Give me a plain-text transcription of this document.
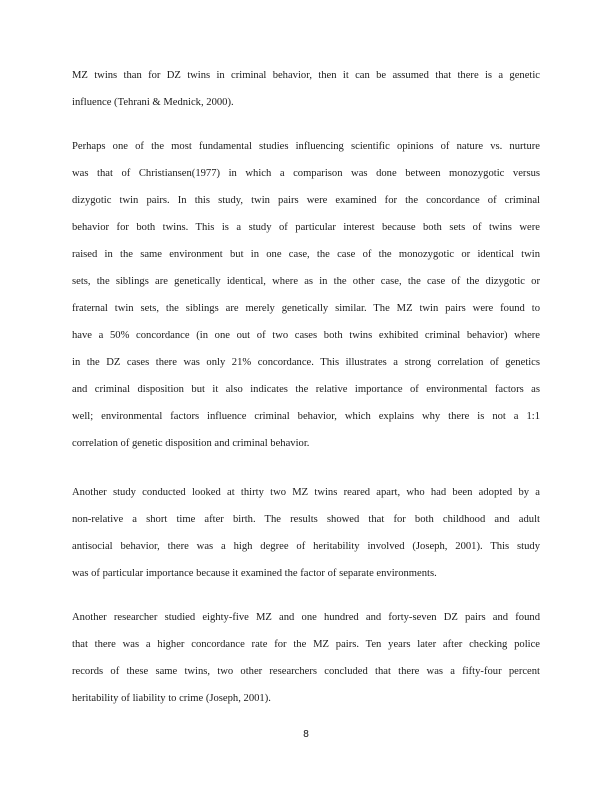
MZ twins than for DZ twins in criminal behavior, then it can be assumed that there is a genetic
influence (Tehrani & Mednick, 2000).
Perhaps one of the most fundamental studies influencing scientific opinions of nature vs. nurture
was that of Christiansen(1977) in which a comparison was done between monozygotic versus
dizygotic twin pairs. In this study, twin pairs were examined for the concordance of criminal
behavior for both twins. This is a study of particular interest because both sets of twins were
raised in the same environment but in one case, the case of the monozygotic or identical twin
sets, the siblings are genetically identical, where as in the other case, the case of the dizygotic or
fraternal twin sets, the siblings are merely genetically similar. The MZ twin pairs were found to
have a 50% concordance (in one out of two cases both twins exhibited criminal behavior) where
in the DZ cases there was only 21% concordance. This illustrates a strong correlation of genetics
and criminal disposition but it also indicates the relative importance of environmental factors as
well; environmental factors influence criminal behavior, which explains why there is not a 1:1
correlation of genetic disposition and criminal behavior.
Another study conducted looked at thirty two MZ twins reared apart, who had been adopted by a
non-relative a short time after birth. The results showed that for both childhood and adult
antisocial behavior, there was a high degree of heritability involved (Joseph, 2001). This study
was of particular importance because it examined the factor of separate environments.
Another researcher studied eighty-five MZ and one hundred and forty-seven DZ pairs and found
that there was a higher concordance rate for the MZ pairs. Ten years later after checking police
records of these same twins, two other researchers concluded that there was a fifty-four percent
heritability of liability to crime (Joseph, 2001).
8
